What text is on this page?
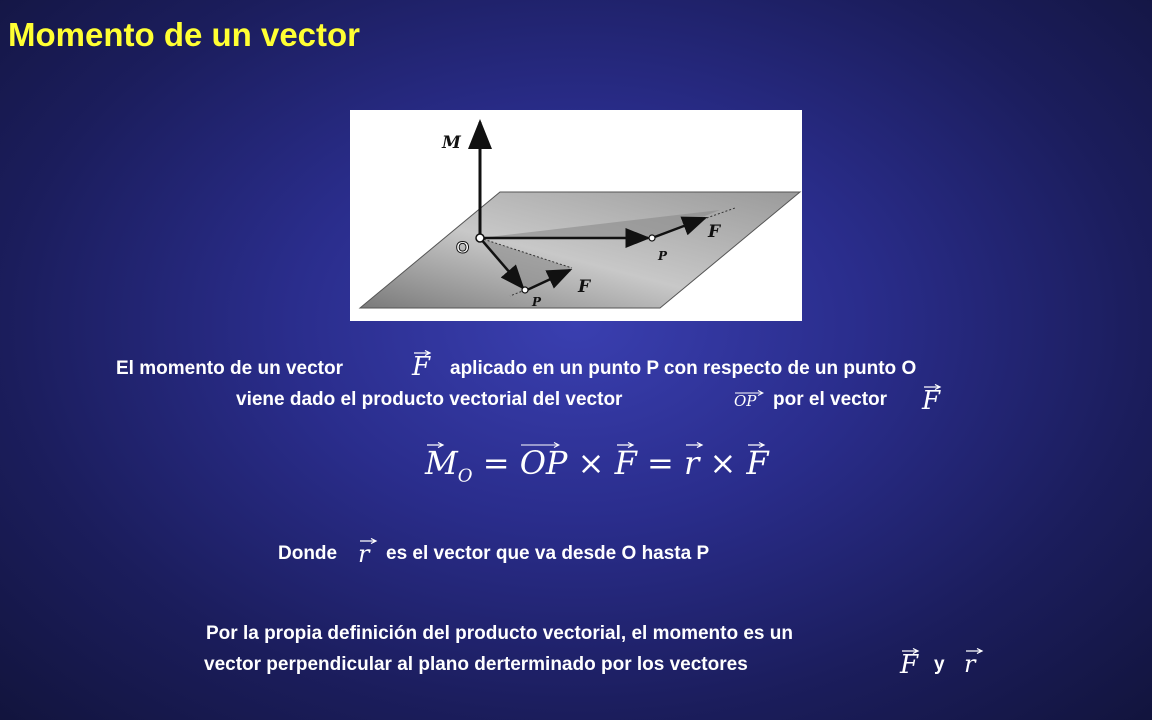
Momento de un vector
M
O
F
P
F
P
El momento de un vector	F aplicado en un punto P con respecto de un punto O
viene dado el producto vectorial del vector	OP por el vector F
$M_O$ = OP × F = r × F
Donde r es el vector que va desde O hasta P
Por la propia definición del producto vectorial, el momento es un
vector perpendicular al plano derterminado por los vectores	F y r
